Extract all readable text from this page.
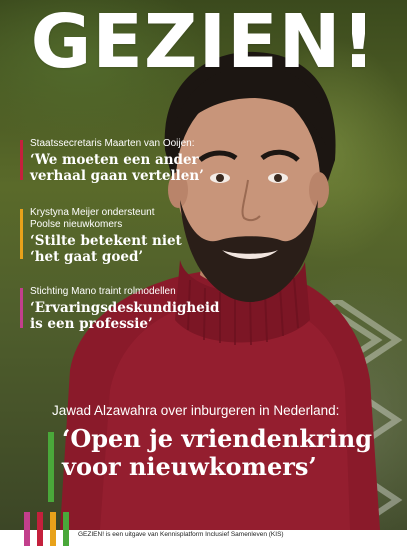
GEZIEN!
Staatssecretaris Maarten van Ooijen:
‘We moeten een ander
verhaal gaan vertellen’
Krystyna Meijer ondersteunt
Poolse nieuwkomers
‘Stilte betekent niet
‘het gaat goed’
Stichting Mano traint rolmodellen
‘Ervaringsdeskundigheid
is een professie’
Jawad Alzawahra over inburgeren in Nederland:
‘Open je vriendenkring
voor nieuwkomers’
GEZIEN! is een uitgave van Kennisplatform Inclusief Samenleven (KIS)
